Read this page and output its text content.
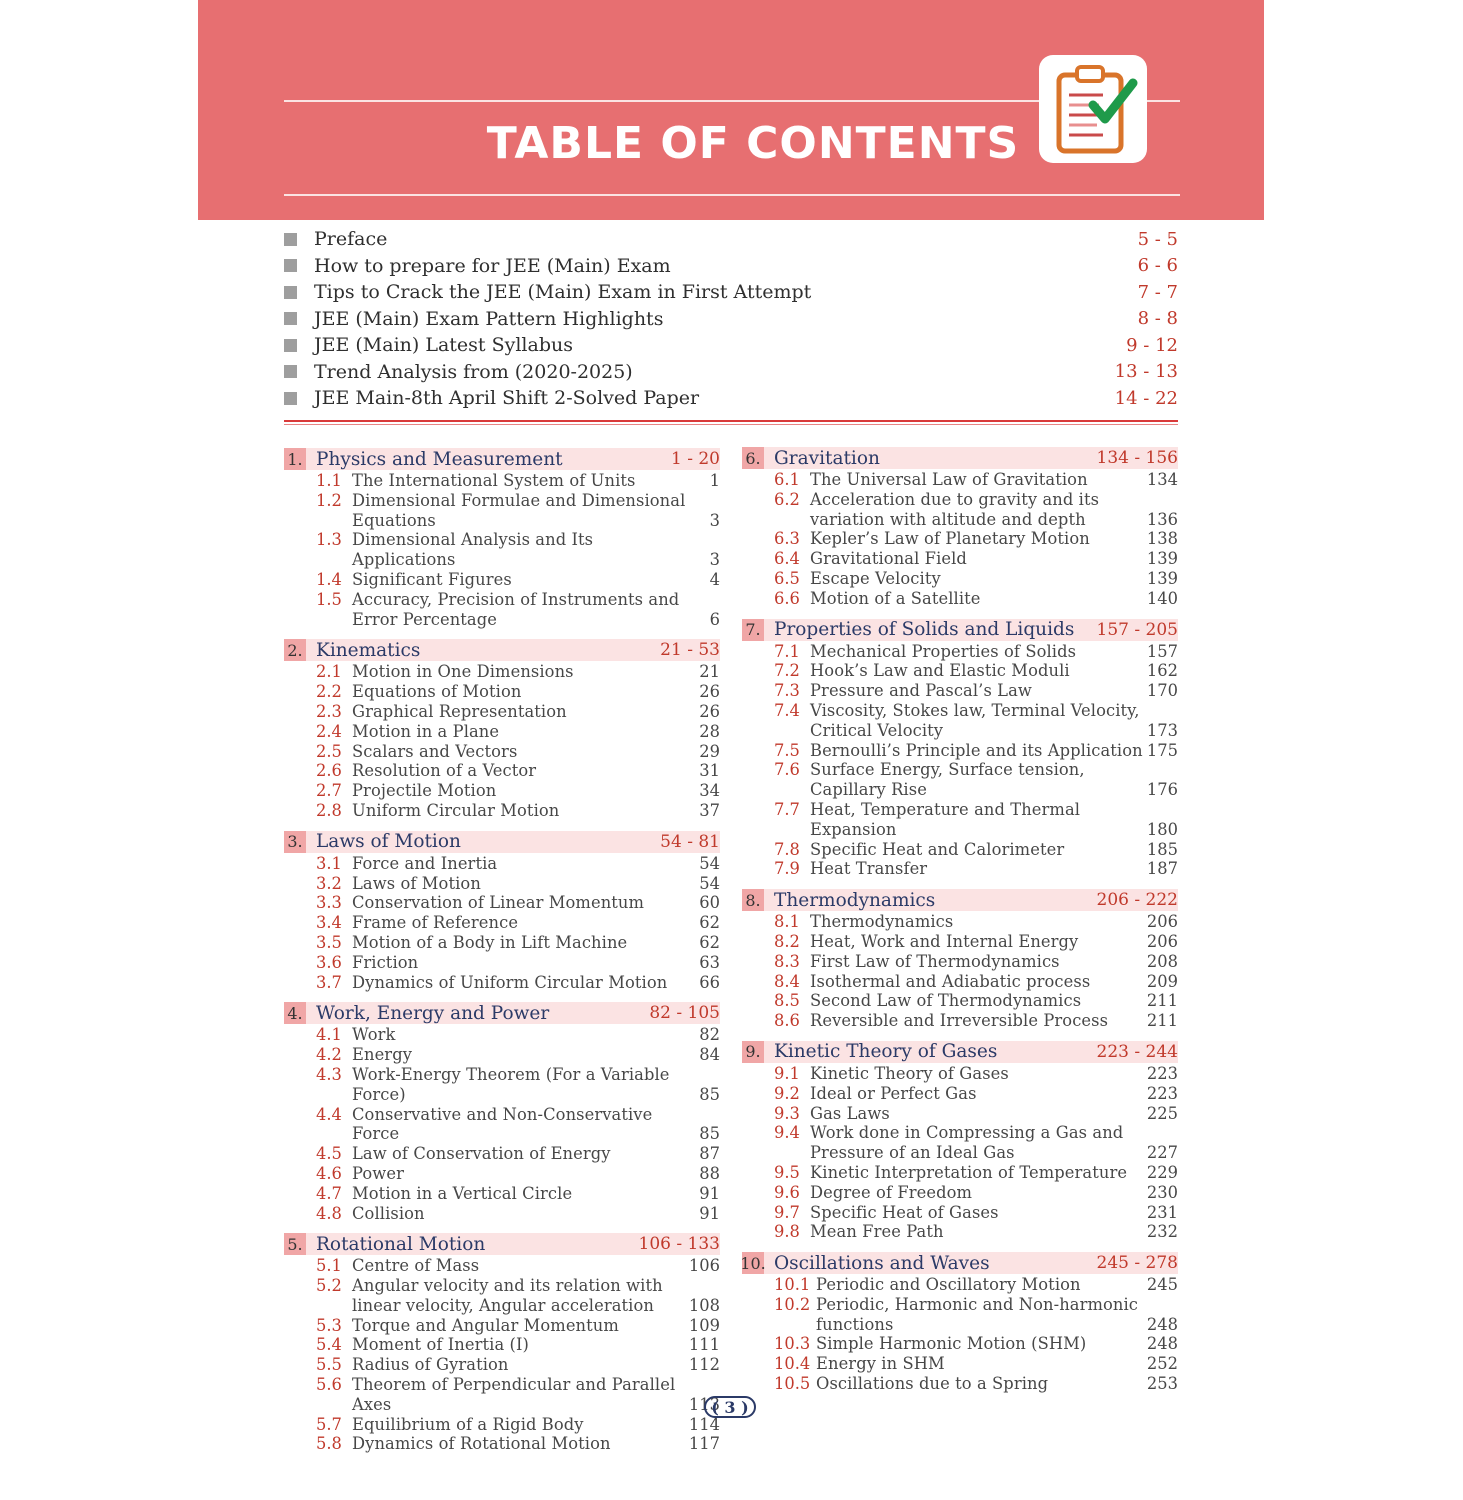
TABLE OF CONTENTS
Preface	5 - 5
How to prepare for JEE (Main) Exam	6 - 6
Tips to Crack the JEE (Main) Exam in First Attempt	7 - 7
JEE (Main) Exam Pattern Highlights	8 - 8
JEE (Main) Latest Syllabus	9 - 12
Trend Analysis from (2020-2025)	13 - 13
JEE Main-8th April Shift 2-Solved Paper	14 - 22
1. Physics and Measurement	1 - 20
1.1 The International System of Units	1
1.2 Dimensional Formulae and Dimensional Equations	3
1.3 Dimensional Analysis and Its Applications	3
1.4 Significant Figures	4
1.5 Accuracy, Precision of Instruments and Error Percentage	6
2. Kinematics	21 - 53
2.1 Motion in One Dimensions	21
2.2 Equations of Motion	26
2.3 Graphical Representation	26
2.4 Motion in a Plane	28
2.5 Scalars and Vectors	29
2.6 Resolution of a Vector	31
2.7 Projectile Motion	34
2.8 Uniform Circular Motion	37
3. Laws of Motion	54 - 81
3.1 Force and Inertia	54
3.2 Laws of Motion	54
3.3 Conservation of Linear Momentum	60
3.4 Frame of Reference	62
3.5 Motion of a Body in Lift Machine	62
3.6 Friction	63
3.7 Dynamics of Uniform Circular Motion	66
4. Work, Energy and Power	82 - 105
4.1 Work	82
4.2 Energy	84
4.3 Work-Energy Theorem (For a Variable Force)	85
4.4 Conservative and Non-Conservative Force	85
4.5 Law of Conservation of Energy	87
4.6 Power	88
4.7 Motion in a Vertical Circle	91
4.8 Collision	91
5. Rotational Motion	106 - 133
5.1 Centre of Mass	106
5.2 Angular velocity and its relation with linear velocity, Angular acceleration	108
5.3 Torque and Angular Momentum	109
5.4 Moment of Inertia (I)	111
5.5 Radius of Gyration	112
5.6 Theorem of Perpendicular and Parallel Axes	113
5.7 Equilibrium of a Rigid Body	114
5.8 Dynamics of Rotational Motion	117
6. Gravitation	134 - 156
6.1 The Universal Law of Gravitation	134
6.2 Acceleration due to gravity and its variation with altitude and depth	136
6.3 Kepler’s Law of Planetary Motion	138
6.4 Gravitational Field	139
6.5 Escape Velocity	139
6.6 Motion of a Satellite	140
7. Properties of Solids and Liquids	157 - 205
7.1 Mechanical Properties of Solids	157
7.2 Hook’s Law and Elastic Moduli	162
7.3 Pressure and Pascal’s Law	170
7.4 Viscosity, Stokes law, Terminal Velocity, Critical Velocity	173
7.5 Bernoulli’s Principle and its Application 175
7.6 Surface Energy, Surface tension, Capillary Rise	176
7.7 Heat, Temperature and Thermal Expansion	180
7.8 Specific Heat and Calorimeter	185
7.9 Heat Transfer	187
8. Thermodynamics	206 - 222
8.1 Thermodynamics	206
8.2 Heat, Work and Internal Energy	206
8.3 First Law of Thermodynamics	208
8.4 Isothermal and Adiabatic process	209
8.5 Second Law of Thermodynamics	211
8.6 Reversible and Irreversible Process	211
9. Kinetic Theory of Gases	223 - 244
9.1 Kinetic Theory of Gases	223
9.2 Ideal or Perfect Gas	223
9.3 Gas Laws	225
9.4 Work done in Compressing a Gas and Pressure of an Ideal Gas	227
9.5 Kinetic Interpretation of Temperature	229
9.6 Degree of Freedom	230
9.7 Specific Heat of Gases	231
9.8 Mean Free Path	232
10. Oscillations and Waves	245 - 278
10.1 Periodic and Oscillatory Motion	245
10.2 Periodic, Harmonic and Non-harmonic functions	248
10.3 Simple Harmonic Motion (SHM)	248
10.4 Energy in SHM	252
10.5 Oscillations due to a Spring	253
( 3 )
